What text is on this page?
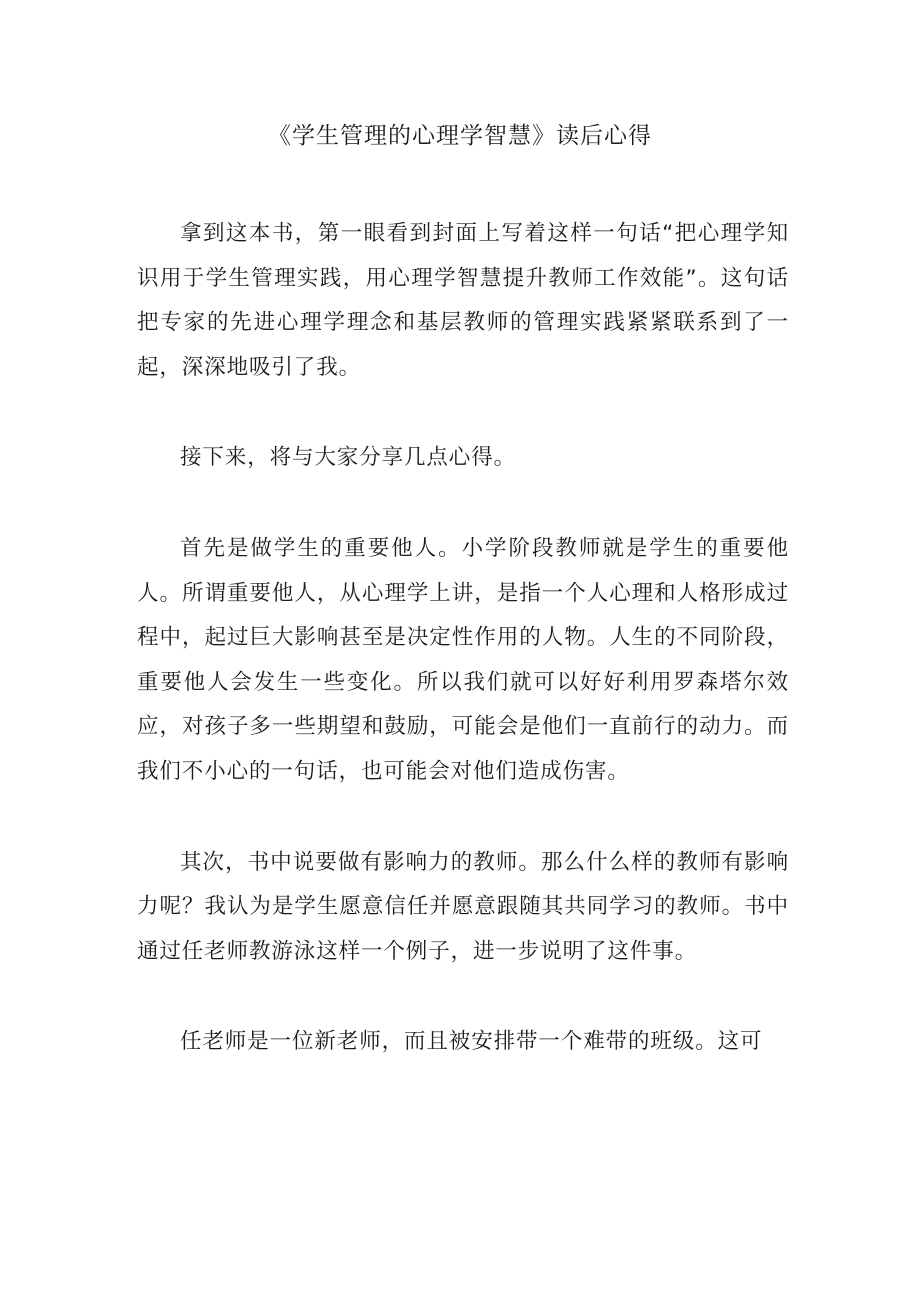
《学生管理的心理学智慧》读后心得

拿到这本书，第一眼看到封面上写着这样一句话“把心理学知识用于学生管理实践，用心理学智慧提升教师工作效能”。这句话把专家的先进心理学理念和基层教师的管理实践紧紧联系到了一起，深深地吸引了我。

接下来，将与大家分享几点心得。

首先是做学生的重要他人。小学阶段教师就是学生的重要他人。所谓重要他人，从心理学上讲，是指一个人心理和人格形成过程中，起过巨大影响甚至是决定性作用的人物。人生的不同阶段，重要他人会发生一些变化。所以我们就可以好好利用罗森塔尔效应，对孩子多一些期望和鼓励，可能会是他们一直前行的动力。而我们不小心的一句话，也可能会对他们造成伤害。

其次，书中说要做有影响力的教师。那么什么样的教师有影响力呢？我认为是学生愿意信任并愿意跟随其共同学习的教师。书中通过任老师教游泳这样一个例子，进一步说明了这件事。

任老师是一位新老师，而且被安排带一个难带的班级。这可
